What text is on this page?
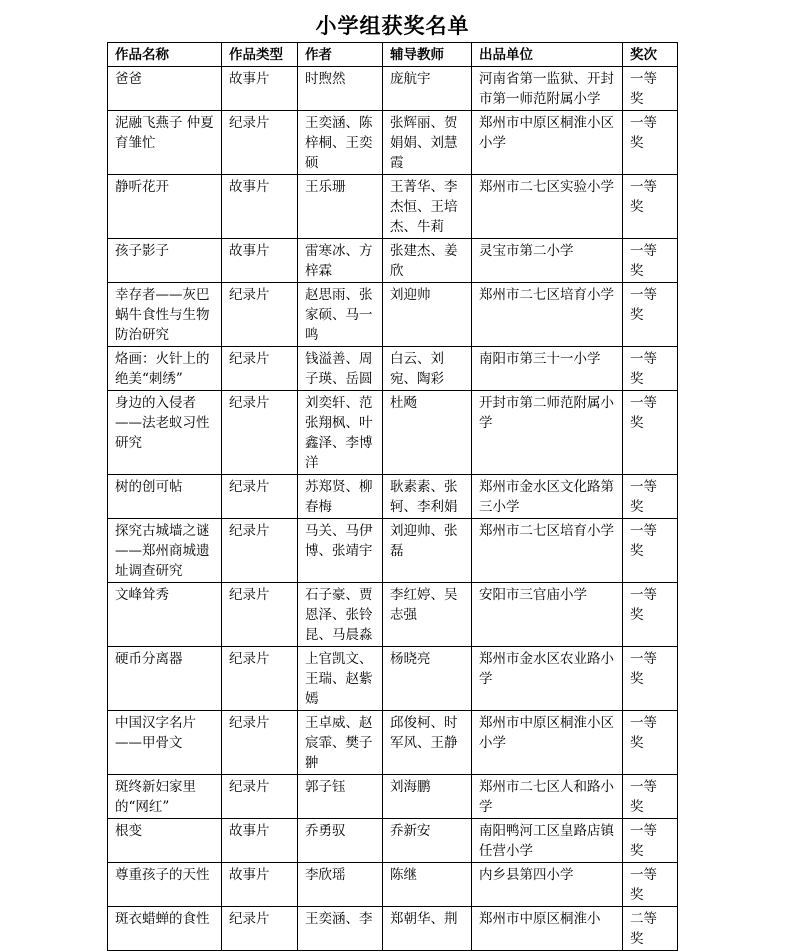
小学组获奖名单
作品名称	作品类型	作者	辅导教师	出品单位	奖次
爸爸	故事片	时煦然	庞航宇	河南省第一监狱、开封市第一师范附属小学	一等奖
泥融飞燕子 仲夏育雏忙	纪录片	王奕涵、陈梓桐、王奕硕	张辉丽、贺娟娟、刘慧霞	郑州市中原区桐淮小区小学	一等奖
静听花开	故事片	王乐珊	王菁华、李杰恒、王培杰、牛莉	郑州市二七区实验小学	一等奖
孩子影子	故事片	雷寒冰、方梓霖	张建杰、姜欣	灵宝市第二小学	一等奖
幸存者——灰巴蜗牛食性与生物防治研究	纪录片	赵思雨、张家硕、马一鸣	刘迎帅	郑州市二七区培育小学	一等奖
烙画：火针上的绝美“刺绣”	纪录片	钱溢善、周子瑛、岳圆	白云、刘宛、陶彩	南阳市第三十一小学	一等奖
身边的入侵者——法老蚁习性研究	纪录片	刘奕轩、范张翔枫、叶鑫泽、李博洋	杜飏	开封市第二师范附属小学	一等奖
树的创可帖	纪录片	苏郑贤、柳春梅	耿素素、张轲、李利娟	郑州市金水区文化路第三小学	一等奖
探究古城墙之谜——郑州商城遗址调查研究	纪录片	马关、马伊博、张靖宇	刘迎帅、张磊	郑州市二七区培育小学	一等奖
文峰耸秀	纪录片	石子豪、贾恩泽、张铃昆、马晨淼	李红婷、吴志强	安阳市三官庙小学	一等奖
硬币分离器	纪录片	上官凯文、王瑞、赵紫嫣	杨晓亮	郑州市金水区农业路小学	一等奖
中国汉字名片——甲骨文	纪录片	王卓威、赵宸霏、樊子翀	邱俊柯、时军风、王静	郑州市中原区桐淮小区小学	一等奖
斑终新妇家里的“网红”	纪录片	郭子钰	刘海鹏	郑州市二七区人和路小学	一等奖
根变	故事片	乔勇驭	乔新安	南阳鸭河工区皇路店镇任营小学	一等奖
尊重孩子的天性	故事片	李欣瑶	陈继	内乡县第四小学	一等奖
斑衣蜡蝉的食性	纪录片	王奕涵、李	郑朝华、荆	郑州市中原区桐淮小	二等奖
